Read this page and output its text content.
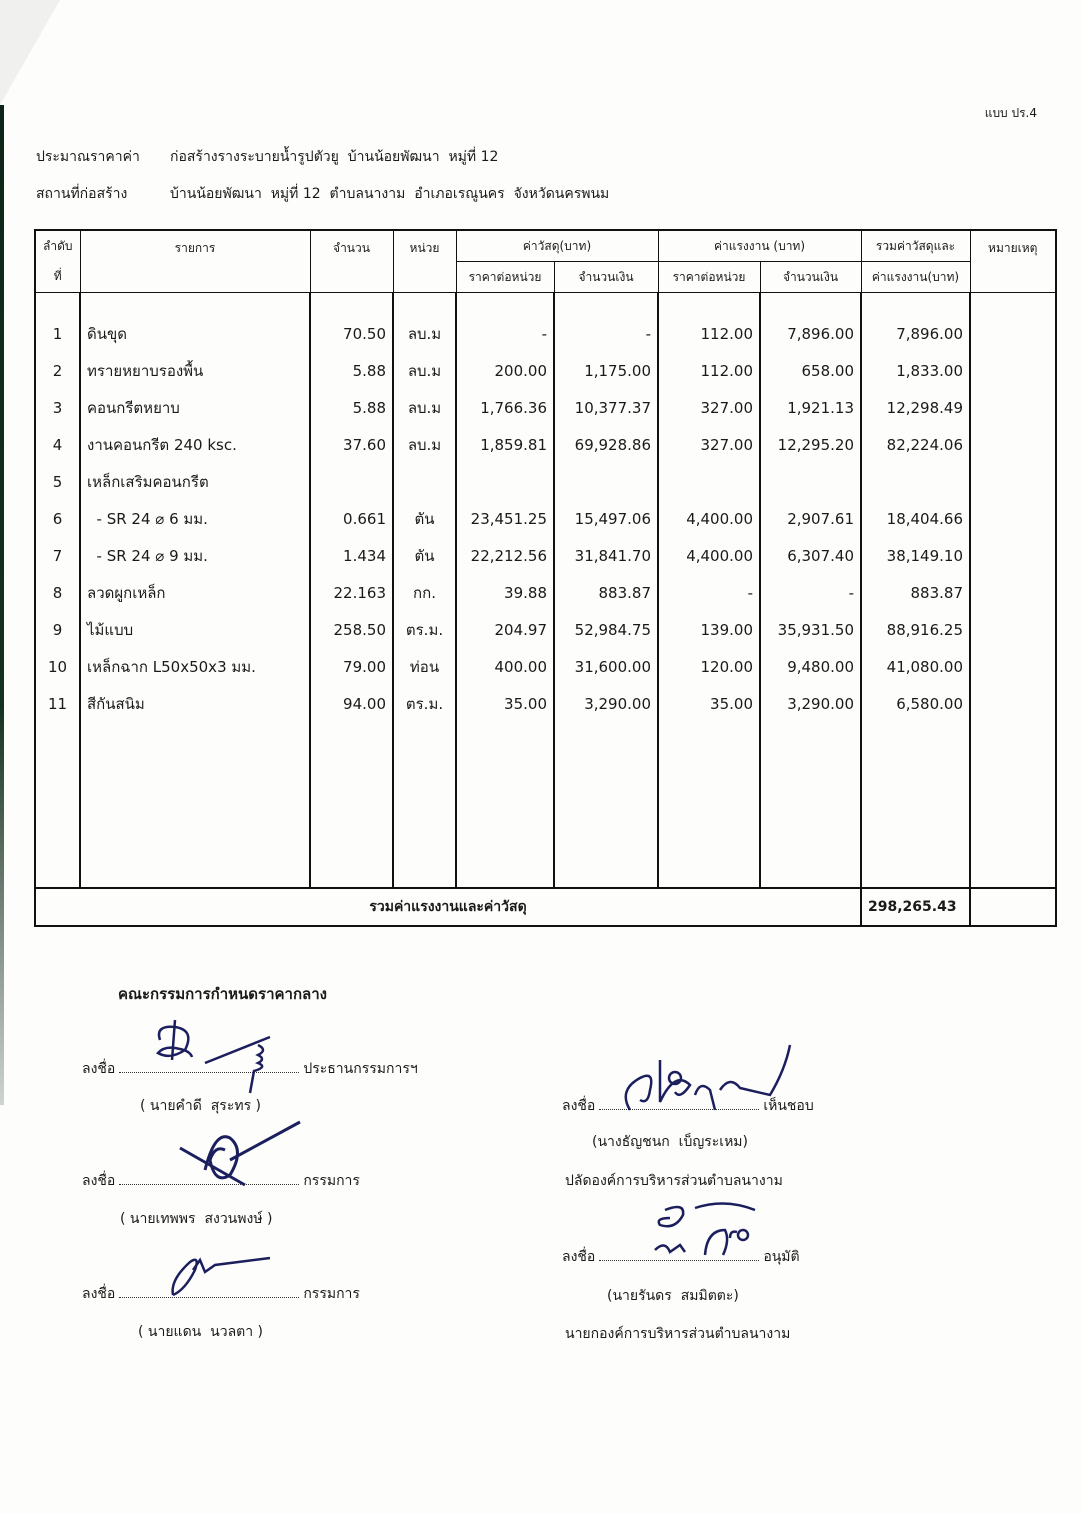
แบบ ปร.4
ประมาณราคาค่า ก่อสร้างรางระบายน้ำรูปตัวยู  บ้านน้อยพัฒนา  หมู่ที่ 12
สถานที่ก่อสร้าง	บ้านน้อยพัฒนา  หมู่ที่ 12  ตำบลนางาม  อำเภอเรณูนคร  จังหวัดนครพนม
ลำดับ	รายการ	จำนวน	หน่วย	ค่าวัสดุ(บาท)		ค่าแรงงาน (บาท)		รวมค่าวัสดุและ	หมายเหตุ
ที่				ราคาต่อหน่วย	จำนวนเงิน	ราคาต่อหน่วย	จำนวนเงิน	ค่าแรงงาน(บาท)	

1	ดินขุด	70.50	ลบ.ม	-	-	112.00	7,896.00	7,896.00	
2	ทรายหยาบรองพื้น	5.88	ลบ.ม	200.00	1,175.00	112.00	658.00	1,833.00	
3	คอนกรีตหยาบ	5.88	ลบ.ม	1,766.36	10,377.37	327.00	1,921.13	12,298.49	
4	งานคอนกรีต 240 ksc.	37.60	ลบ.ม	1,859.81	69,928.86	327.00	12,295.20	82,224.06	
5	เหล็กเสริมคอนกรีต								
6	- SR 24 ⌀ 6 มม.	0.661	ตัน	23,451.25	15,497.06	4,400.00	2,907.61	18,404.66	
7	- SR 24 ⌀ 9 มม.	1.434	ตัน	22,212.56	31,841.70	4,400.00	6,307.40	38,149.10	
8	ลวดผูกเหล็ก	22.163	กก.	39.88	883.87	-	-	883.87	
9	ไม้แบบ	258.50	ตร.ม.	204.97	52,984.75	139.00	35,931.50	88,916.25	
10	เหล็กฉาก L50x50x3 มม.	79.00	ท่อน	400.00	31,600.00	120.00	9,480.00	41,080.00	
11	สีกันสนิม	94.00	ตร.ม.	35.00	3,290.00	35.00	3,290.00	6,580.00	

รวมค่าแรงงานและค่าวัสดุ								298,265.43	
คณะกรรมการกำหนดราคากลาง
ลงชื่อ	ประธานกรรมการฯ
( นายคำดี  สุระทร )
ลงชื่อ	กรรมการ
( นายเทพพร  สงวนพงษ์ )
ลงชื่อ	กรรมการ
( นายแดน  นวลตา )
ลงชื่อ	เห็นชอบ
(นางธัญชนก  เบ็ญระเหม)
ปลัดองค์การบริหารส่วนตำบลนางาม
ลงชื่อ	อนุมัติ
(นายรันดร  สมมิตตะ)
นายกองค์การบริหารส่วนตำบลนางาม
